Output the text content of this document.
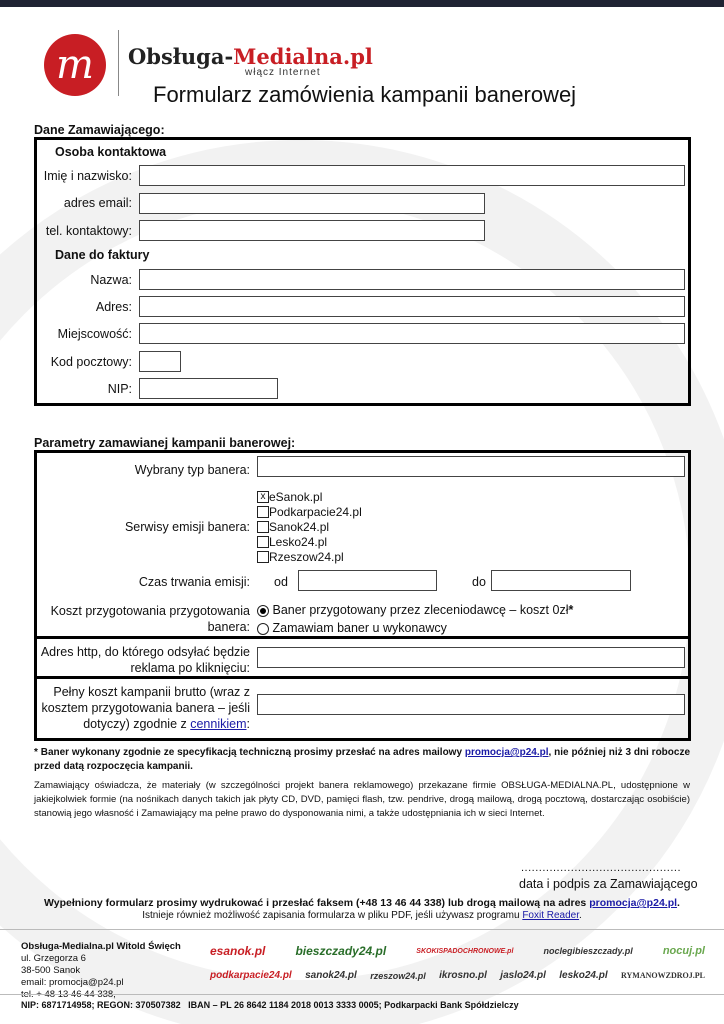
m Obsługa-Medialna.pl
włącz Internet
Formularz zamówienia kampanii banerowej
Dane Zamawiającego:
Osoba kontaktowa
Imię i nazwisko:
adres email:
tel. kontaktowy:
Dane do faktury
Nazwa:
Adres:
Miejscowość:
Kod pocztowy:
NIP:
Parametry zamawianej kampanii banerowej:
Wybrany typ banera:
Serwisy emisji banera:
x eSanok.pl
Podkarpacie24.pl
Sanok24.pl
Lesko24.pl
Rzeszow24.pl
Czas trwania emisji: od	do
Koszt przygotowania przygotowania
banera:
Baner przygotowany przez zleceniodawcę – koszt 0zł*
Zamawiam baner u wykonawcy
Adres http, do którego odsyłać będzie
reklama po kliknięciu:
Pełny koszt kampanii brutto (wraz z
kosztem przygotowania banera – jeśli
dotyczy) zgodnie z cennikiem:
* Baner wykonany zgodnie ze specyfikacją techniczną prosimy przesłać na adres mailowy promocja@p24.pl, nie później niż 3 dni robocze przed datą rozpoczęcia kampanii.
Zamawiający oświadcza, że materiały (w szczególności projekt banera reklamowego) przekazane firmie OBSŁUGA-MEDIALNA.PL, udostępnione w jakiejkolwiek formie (na nośnikach danych takich jak płyty CD, DVD, pamięci flash, tzw. pendrive, drogą mailową, drogą pocztową, dostarczając osobiście) stanowią jego własność i Zamawiający ma pełne prawo do dysponowania nimi, a także udostępniania ich w sieci Internet.
.............................................
data i podpis za Zamawiającego
Wypełniony formularz prosimy wydrukować i przesłać faksem (+48 13 46 44 338) lub drogą mailową na adres promocja@p24.pl.
Istnieje również możliwość zapisania formularza w pliku PDF, jeśli używasz programu Foxit Reader.
Obsługa-Medialna.pl Witold Święch
ul. Grzegorza 6
38-500 Sanok
email: promocja@p24.pl
esanok.pl	bieszczady24.pl	SKOKISPADOCHRONOWE.pl	noclegibieszczady.pl	nocuj.pl
podkarpacie24.pl sanok24.pl rzeszow24.pl ikrosno.pl jaslo24.pl lesko24.pl RYMANOWZDROJ.PL
NIP: 6871714958; REGON: 370507382   IBAN – PL 26 8642 1184 2018 0013 3333 0005; Podkarpacki Bank Spółdzielczy
